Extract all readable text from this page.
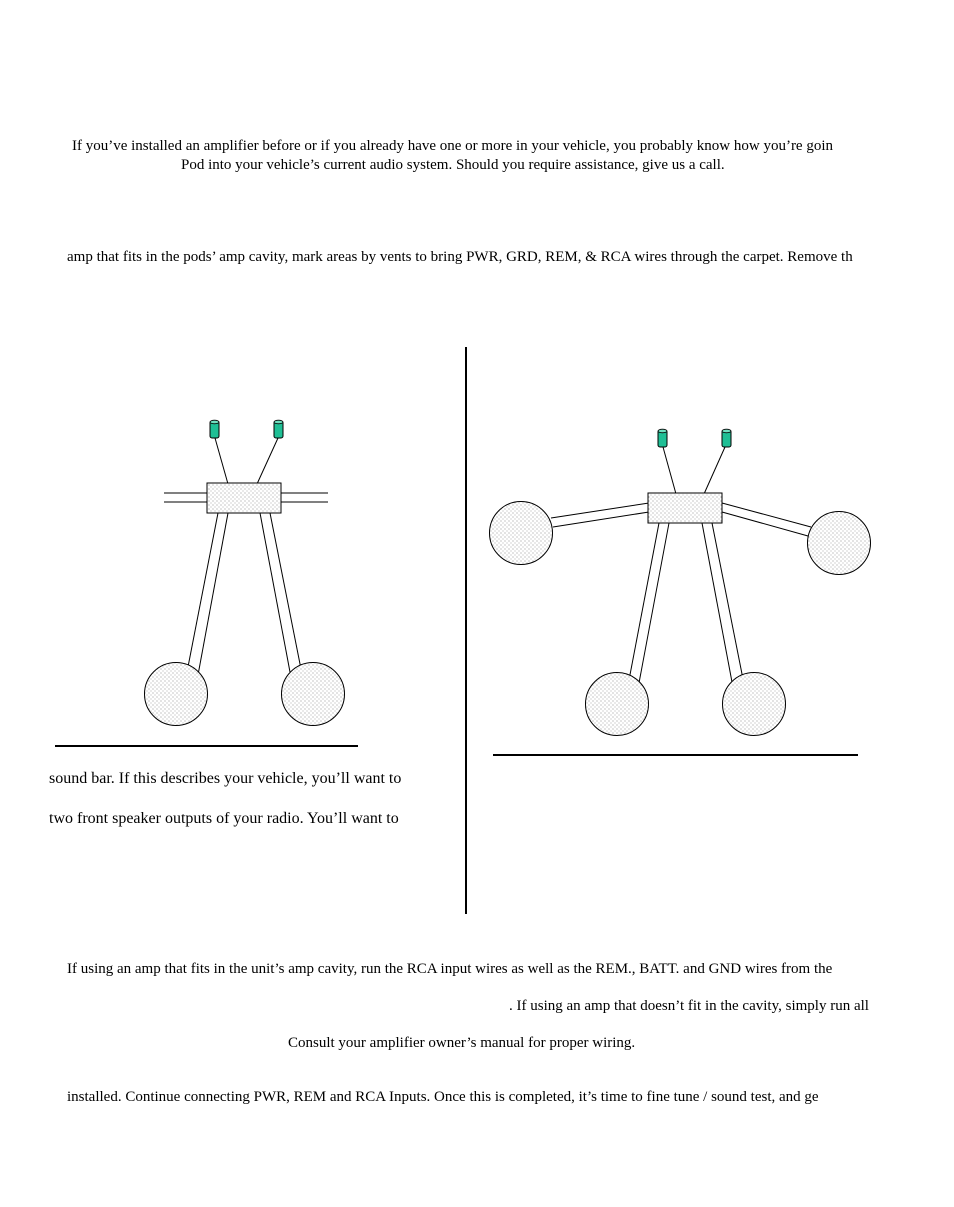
If you’ve installed an amplifier before or if you already have one or more in your vehicle, you probably know how you’re goin
Pod into your vehicle’s current audio system. Should you require assistance, give us a call.
amp that fits in the pods’ amp cavity, mark areas by vents to bring PWR, GRD, REM, & RCA wires through the carpet. Remove th
sound bar. If this describes your vehicle, you’ll want to
two front speaker outputs of your radio. You’ll want to
If using an amp that fits in the unit’s amp cavity, run the RCA input wires as well as the REM., BATT. and GND wires from the
. If using an amp that doesn’t fit in the cavity, simply run all
Consult your amplifier owner’s manual for proper wiring.
installed. Continue connecting PWR, REM and RCA Inputs. Once this is completed, it’s time to fine tune / sound test, and ge
